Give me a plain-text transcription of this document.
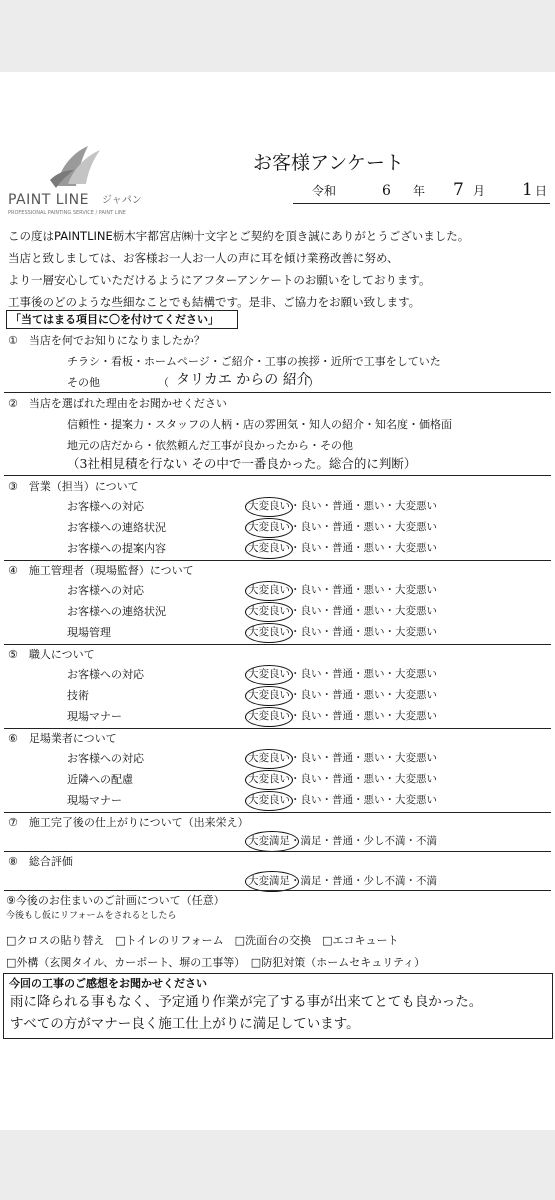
PAINT LINE ジャパン
PROFESSIONAL PAINTING SERVICE / PAINT LINE
お客様アンケート
令和	6 年 7 月 1 日
この度はPAINTLINE栃木宇都宮店㈱十文字とご契約を頂き誠にありがとうございました。
当店と致しましては、お客様お一人お一人の声に耳を傾け業務改善に努め、
より一層安心していただけるようにアフターアンケートのお願いをしております。
工事後のどのような些細なことでも結構です。是非、ご協力をお願い致します。
「当てはまる項目に〇を付けてください」
①　当店を何でお知りになりましたか？
チラシ・看板・ホームページ・ご紹介・工事の挨拶・近所で工事をしていた
その他	（ タリカエ からの 紹介
）
②　当店を選ばれた理由をお聞かせください
信頼性・提案力・スタッフの人柄・店の雰囲気・知人の紹介・知名度・価格面
地元の店だから・依然頼んだ工事が良かったから・その他
（3社相見積を行ない その中で一番良かった。総合的に判断）
③　営業（担当）について
お客様への対応	大変良い・良い・普通・悪い・大変悪い
お客様への連絡状況	大変良い・良い・普通・悪い・大変悪い
お客様への提案内容	大変良い・良い・普通・悪い・大変悪い
④　施工管理者（現場監督）について
お客様への対応	大変良い・良い・普通・悪い・大変悪い
お客様への連絡状況	大変良い・良い・普通・悪い・大変悪い
現場管理	大変良い・良い・普通・悪い・大変悪い
⑤　職人について
お客様への対応	大変良い・良い・普通・悪い・大変悪い
技術	大変良い・良い・普通・悪い・大変悪い
現場マナー	大変良い・良い・普通・悪い・大変悪い
⑥　足場業者について
お客様への対応	大変良い・良い・普通・悪い・大変悪い
近隣への配慮	大変良い・良い・普通・悪い・大変悪い
現場マナー	大変良い・良い・普通・悪い・大変悪い
⑦　施工完了後の仕上がりについて（出来栄え）
大変満足・満足・普通・少し不満・不満
⑧　総合評価
大変満足・満足・普通・少し不満・不満
⑨今後のお住まいのご計画について（任意）
今後もし仮にリフォームをされるとしたら
□クロスの貼り替え　□トイレのリフォーム　□洗面台の交換　□エコキュート
□外構（玄関タイル、カーポート、塀の工事等）　□防犯対策（ホームセキュリティ）
今回の工事のご感想をお聞かせください
雨に降られる事もなく、予定通り作業が完了する事が出来てとても良かった。
すべての方がマナー良く施工仕上がりに満足しています。
